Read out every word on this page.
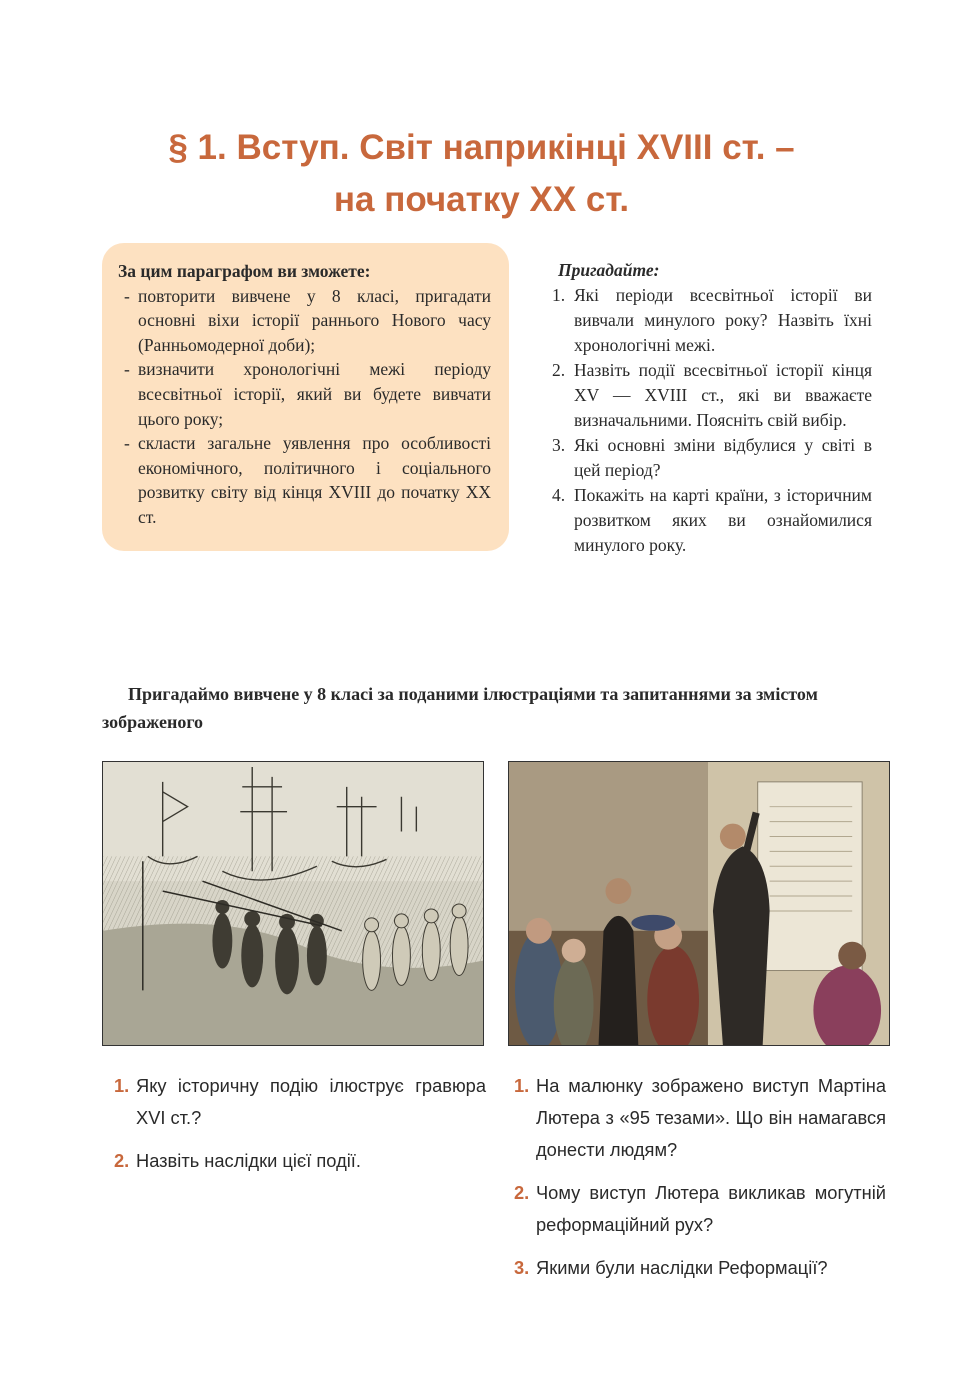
§ 1. Вступ. Світ наприкінці XVIII ст. –
на початку XX ст.
За цим параграфом ви зможете:
- повторити вивчене у 8 класі, пригадати основні віхи історії раннього Нового часу (Ранньомодерної доби);
- визначити хронологічні межі періоду всесвітньої історії, який ви будете вивчати цього року;
- скласти загальне уявлення про особливості економічного, політичного і соціального розвитку світу від кінця XVIII до початку XX ст.
Пригадайте:
1. Які періоди всесвітньої історії ви вивчали минулого року? Назвіть їхні хронологічні межі.
2. Назвіть події всесвітньої історії кінця XV — XVIII ст., які ви вважаєте визначальними. Поясніть свій вибір.
3. Які основні зміни відбулися у світі в цей період?
4. Покажіть на карті країни, з історичним розвитком яких ви ознайомилися минулого року.
Пригадаймо вивчене у 8 класі за поданими ілюстраціями та запитаннями за змістом зображеного
1. Яку історичну подію ілюструє гравюра XVI ст.?
2. Назвіть наслідки цієї події.
1. На малюнку зображено виступ Мартіна Лютера з «95 тезами». Що він намагався донести людям?
2. Чому виступ Лютера викликав могутній реформаційний рух?
3. Якими були наслідки Реформації?
